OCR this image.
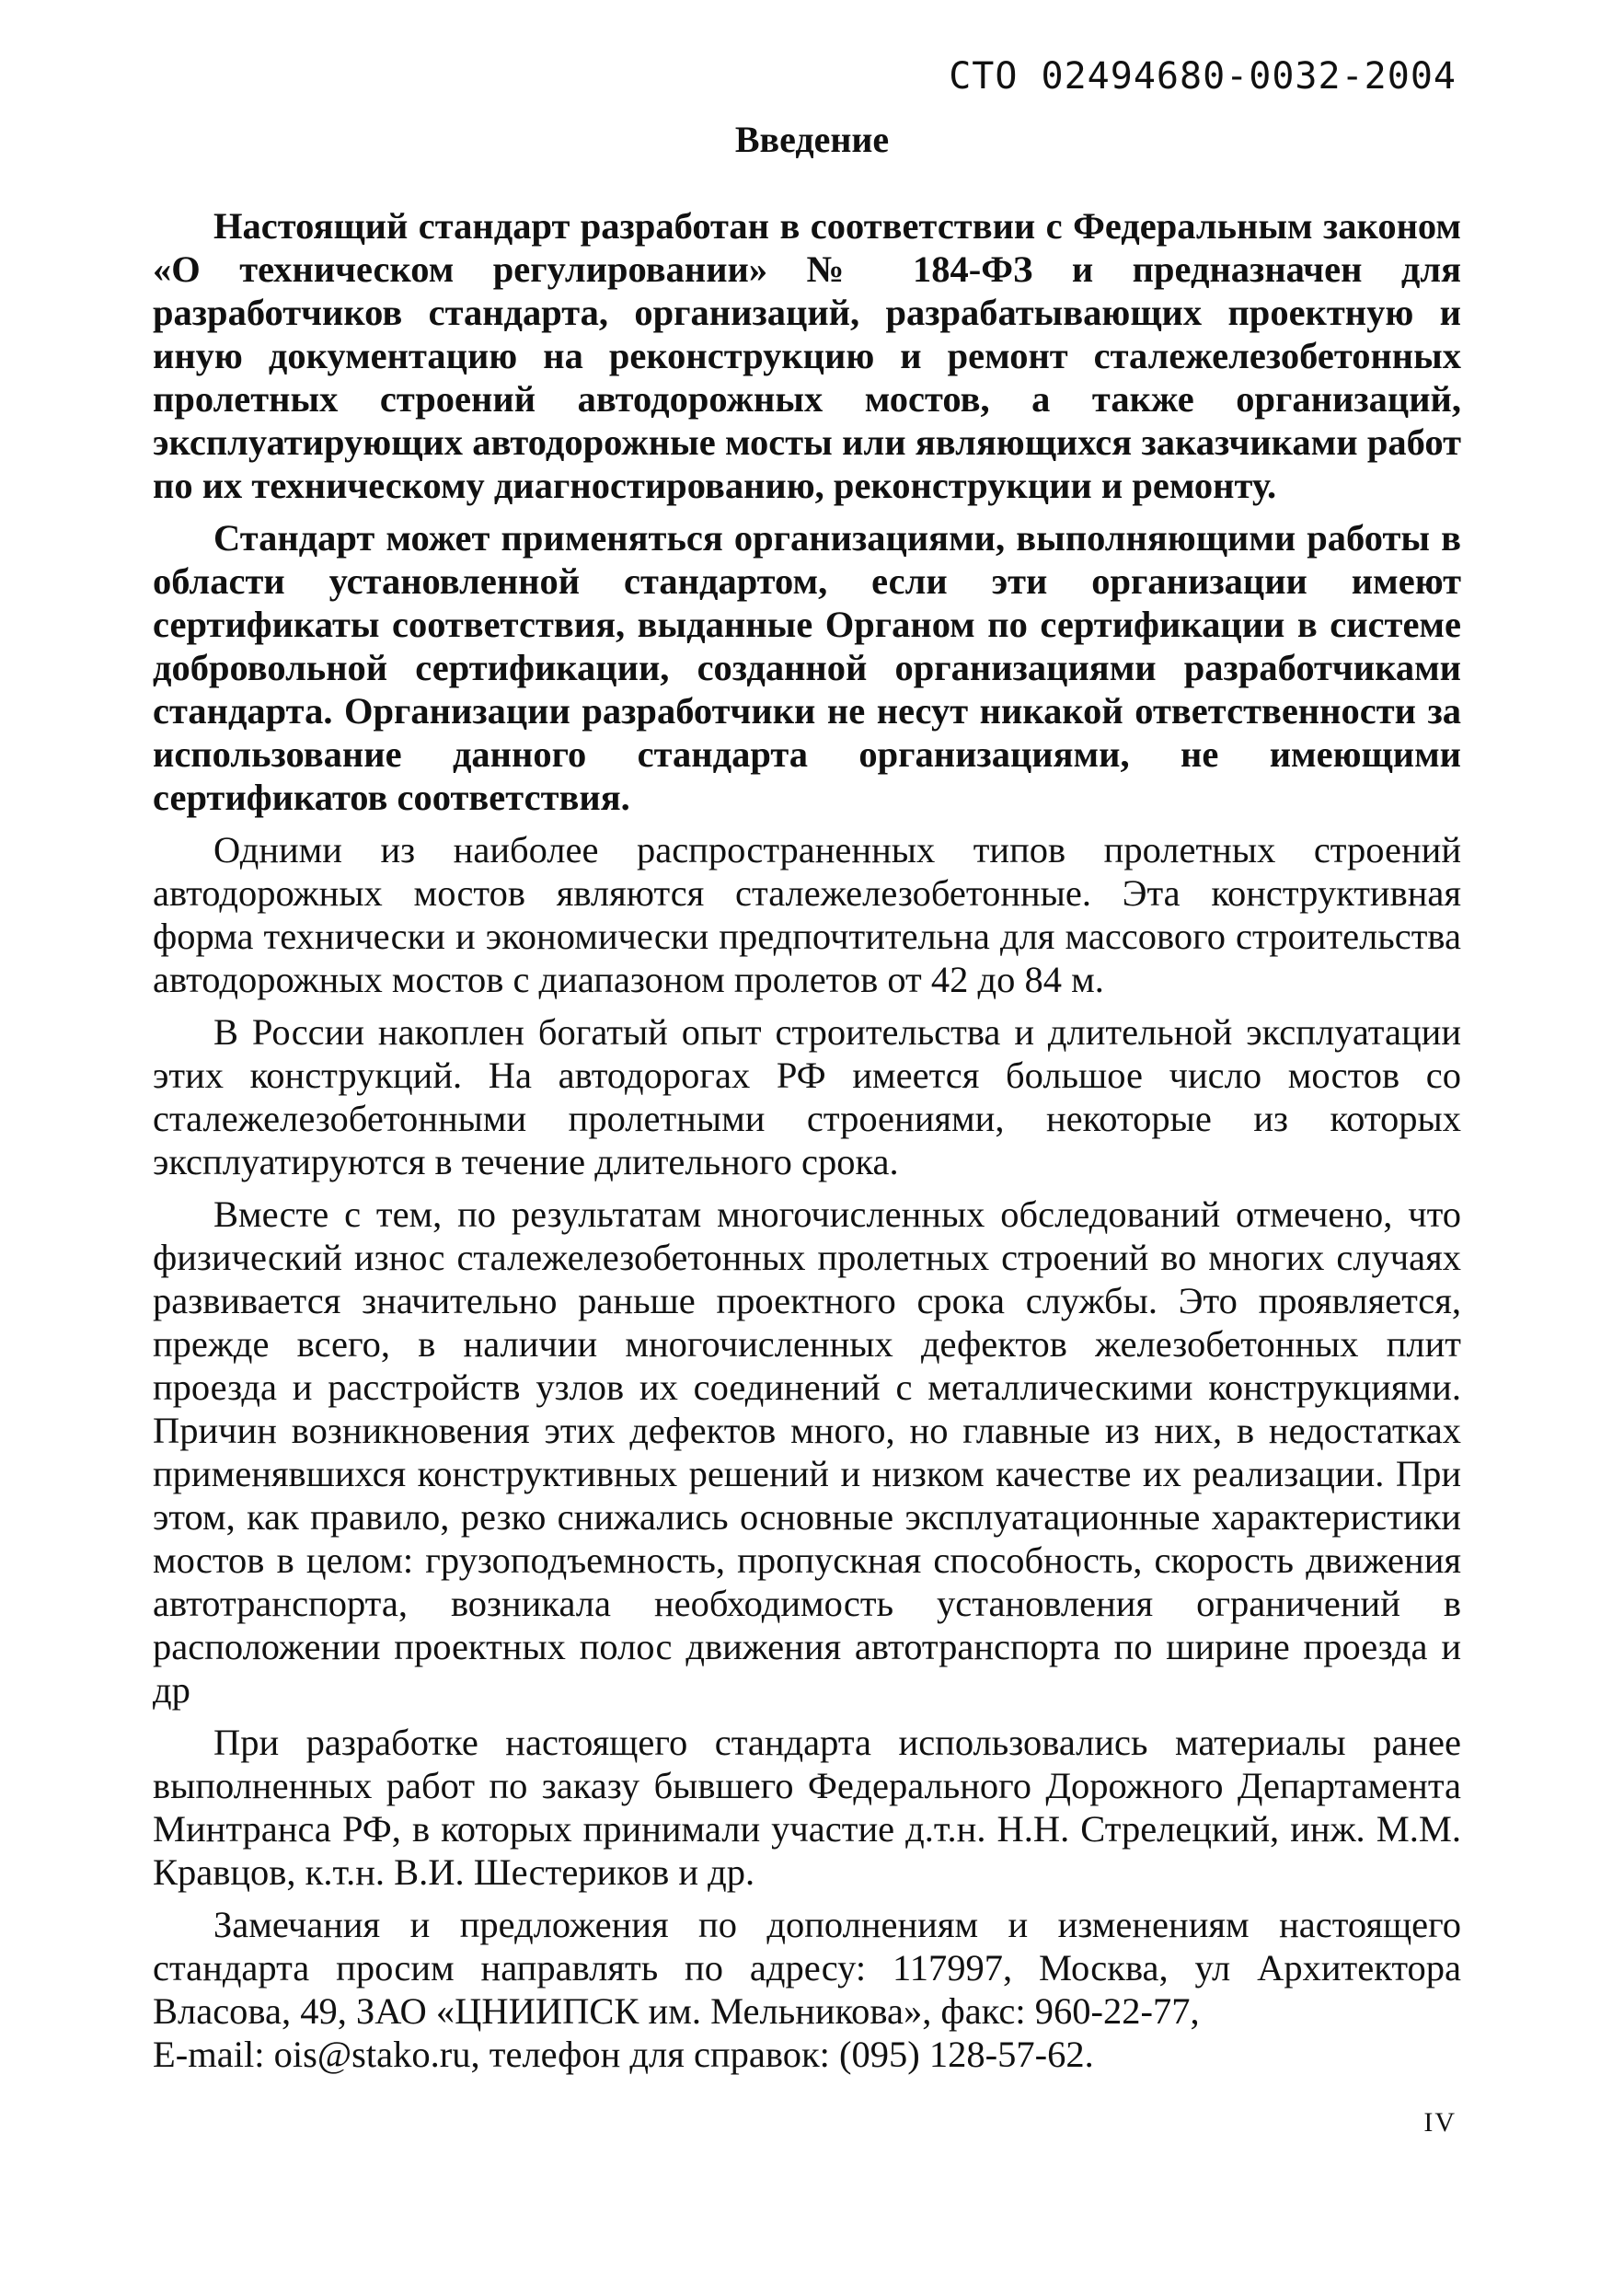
СТО 02494680-0032-2004
Введение

Настоящий стандарт разработан в соответствии с Федеральным законом «О техническом регулировании» № 184-ФЗ и предназначен для разработчиков стандарта, организаций, разрабатывающих проектную и иную документацию на реконструкцию и ремонт сталежелезобетонных пролетных строений автодорожных мостов, а также организаций, эксплуатирующих автодорожные мосты или являющихся заказчиками работ по их техническому диагностированию, реконструкции и ремонту.

Стандарт может применяться организациями, выполняющими работы в области установленной стандартом, если эти организации имеют сертификаты соответствия, выданные Органом по сертификации в системе добровольной сертификации, созданной организациями разработчиками стандарта. Организации разработчики не несут никакой ответственности за использование данного стандарта организациями, не имеющими сертификатов соответствия.

Одними из наиболее распространенных типов пролетных строений автодорожных мостов являются сталежелезобетонные. Эта конструктивная форма технически и экономически предпочтительна для массового строительства автодорожных мостов с диапазоном пролетов от 42 до 84 м.

В России накоплен богатый опыт строительства и длительной эксплуатации этих конструкций. На автодорогах РФ имеется большое число мостов со сталежелезобетонными пролетными строениями, некоторые из которых эксплуатируются в течение длительного срока.

Вместе с тем, по результатам многочисленных обследований отмечено, что физический износ сталежелезобетонных пролетных строений во многих случаях развивается значительно раньше проектного срока службы. Это проявляется, прежде всего, в наличии многочисленных дефектов железобетонных плит проезда и расстройств узлов их соединений с металлическими конструкциями. Причин возникновения этих дефектов много, но главные из них, в недостатках применявшихся конструктивных решений и низком качестве их реализации. При этом, как правило, резко снижались основные эксплуатационные характеристики мостов в целом: грузоподъемность, пропускная способность, скорость движения автотранспорта, возникала необходимость установления ограничений в расположении проектных полос движения автотранспорта по ширине проезда и др

При разработке настоящего стандарта использовались материалы ранее выполненных работ по заказу бывшего Федерального Дорожного Департамента Минтранса РФ, в которых принимали участие д.т.н. Н.Н. Стрелецкий, инж. М.М. Кравцов, к.т.н. В.И. Шестериков и др.

Замечания и предложения по дополнениям и изменениям настоящего стандарта просим направлять по адресу: 117997, Москва, ул Архитектора Власова, 49, ЗАО «ЦНИИПСК им. Мельникова», факс: 960-22-77,

E-mail: ois@stako.ru, телефон для справок: (095) 128-57-62.

IV
